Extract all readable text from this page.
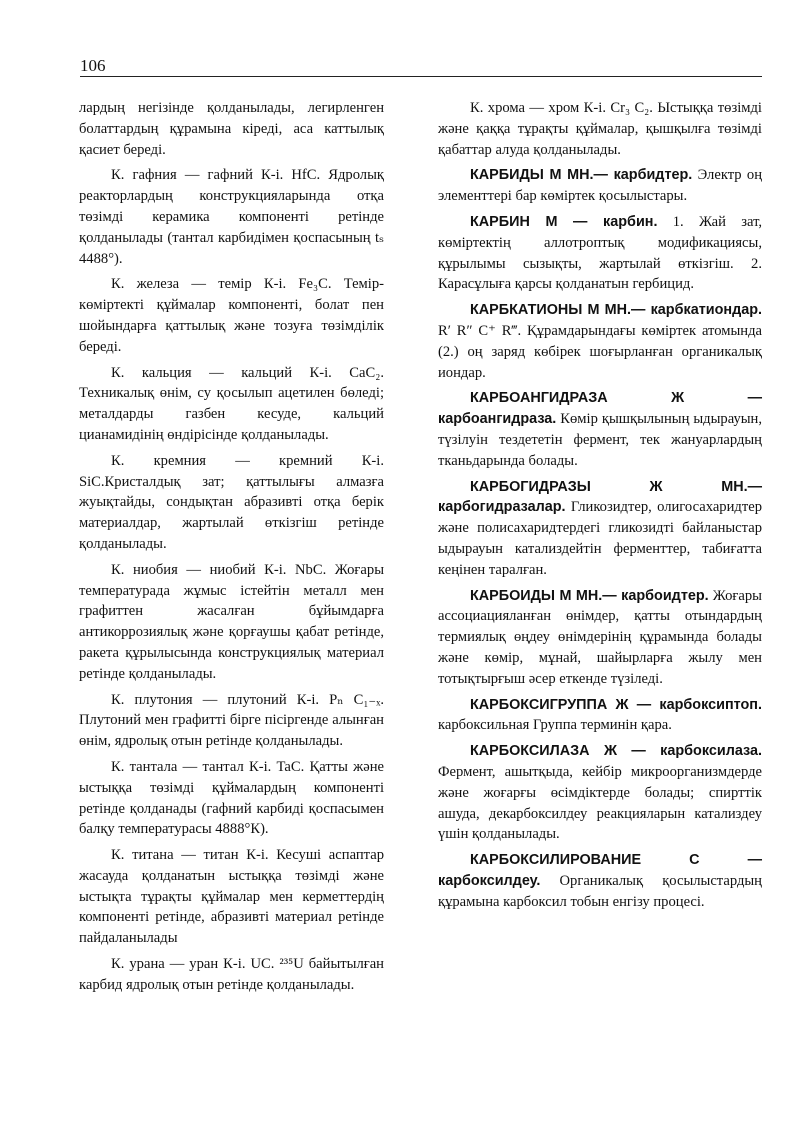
106

лардың негізінде қолданылады, легирленген болаттардың құрамына кіреді, аса каттылық қасиет береді.

К. гафния — гафний К-і. HfC. Ядролық реакторлардың конструкцияларында отқа төзімді керамика компоненті ретінде қолданылады (тантал карбидімен қоспасының tₛ 4488°).

К. железа — темір К-і. Fe₃C. Темір-көміртекті құймалар компоненті, болат пен шойындарға қаттылық және тозуға төзімділік береді.

К. кальция — кальций К-і. CaC₂. Техникалық өнім, су қосылып ацетилен бөледі; металдарды газбен кесуде, кальций цианамидінің өндірісінде қолданылады.

К. кремния — кремний К-і. SiC.Кристалдық зат; қаттылығы алмазға жуықтайды, сондықтан абразивті отқа берік материалдар, жартылай өткізгіш ретінде қолданылады.

К. ниобия — ниобий К-і. NbC. Жоғары температурада жұмыс істейтін металл мен графиттен жасалған бұйымдарға антикоррозиялық және қорғаушы қабат ретінде, ракета құрылысында конструкциялық материал ретінде қолданылады.

К. плутония — плутоний К-і. Pₙ C₁₋ₓ. Плутоний мен графитті бірге пісіргенде алынған өнім, ядролық отын ретінде қолданылады.

К. тантала — тантал К-і. TaC. Қатты және ыстыққа төзімді құймалардың компоненті ретінде қолданады (гафний карбиді қоспасымен балқу температурасы 4888°К).

К. титана — титан К-і. Кесуші аспаптар жасауда қолданатын ыстыққа төзімді және ыстықта тұрақты құймалар мен керметтердің компоненті ретінде, абразивті материал ретінде пайдаланылады

К. урана — уран К-і. UC. ²³⁵U байытылған карбид ядролық отын ретінде қолданылады.

К. хрома — хром К-і. Cr₃ C₂. Ыстыққа төзімді және қаққа тұрақты құймалар, қышқылға төзімді қабаттар алуда қолданылады.

КАРБИДЫ М МН.— карбидтер. Электр оң элементтері бар көміртек қосылыстары.

КАРБИН М — карбин. 1. Жай зат, көміртектің аллотроптық модификациясы, құрылымы сызықты, жартылай өткізгіш. 2. Карасұлыға қарсы қолданатын гербицид.

КАРБКАТИОНЫ М МН.— карбкатиондар. R′ R″ C⁺ R‴. Құрамдарындағы көміртек атомында (2.) оң заряд көбірек шоғырланған органикалық иондар.

КАРБОАНГИДРАЗА Ж — карбоангидраза. Көмір қышқылының ыдырауын, түзілуін тездететін фермент, тек жануарлардың тканьдарында болады.

КАРБОГИДРАЗЫ Ж МН.— карбогидразалар. Гликозидтер, олигосахаридтер және полисахаридтердегі гликозидті байланыстар ыдырауын катализдейтін ферменттер, табиғатта кеңінен таралған.

КАРБОИДЫ М МН.— карбоидтер. Жоғары ассоциацияланған өнімдер, қатты отындардың термиялық өңдеу өнімдерінің құрамында болады және көмір, мұнай, шайырларға жылу мен тотықтырғыш әсер еткенде түзіледі.

КАРБОКСИГРУППА Ж — карбоксиптоп. карбоксильная Группа терминін қара.

КАРБОКСИЛАЗА Ж — карбоксилаза. Фермент, ашытқыда, кейбір микроорганизмдерде және жоғарғы өсімдіктерде болады; спирттік ашуда, декарбоксилдеу реакцияларын катализдеу үшін қолданылады.

КАРБОКСИЛИРОВАНИЕ С — карбоксилдеу. Органикалық қосылыстардың құрамына карбоксил тобын енгізу процесі.
